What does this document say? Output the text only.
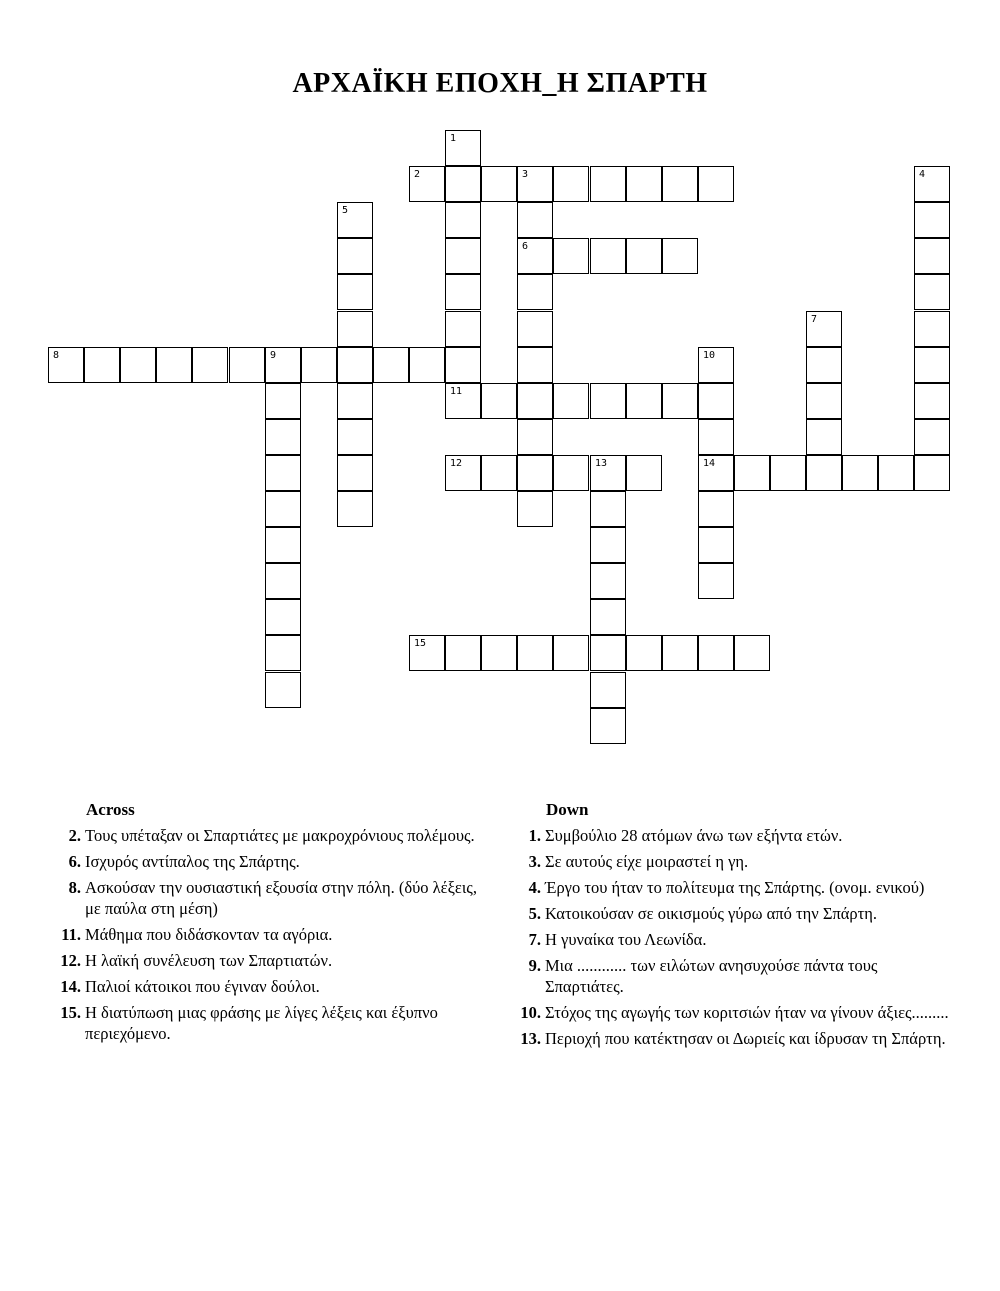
ΑΡΧΑΪΚΗ ΕΠΟΧΗ_Η ΣΠΑΡΤΗ
1
2	3
6
4
5
7
8	9	10
14
11
12	13
15
Across
2. Τους υπέταξαν οι Σπαρτιάτες με μακροχρόνιους πολέμους.
6. Ισχυρός αντίπαλος της Σπάρτης.
8. Ασκούσαν την ουσιαστική εξουσία στην πόλη. (δύο λέξεις, με παύλα στη μέση)
11. Μάθημα που διδάσκονταν τα αγόρια.
12. Η λαϊκή συνέλευση των Σπαρτιατών.
14. Παλιοί κάτοικοι που έγιναν δούλοι.
15. Η διατύπωση μιας φράσης με λίγες λέξεις και έξυπνο περιεχόμενο.
Down
1. Συμβούλιο 28 ατόμων άνω των εξήντα ετών.
3. Σε αυτούς είχε μοιραστεί η γη.
4. Έργο του ήταν το πολίτευμα της Σπάρτης. (ονομ. ενικού)
5. Κατοικούσαν σε οικισμούς γύρω από την Σπάρτη.
7. Η γυναίκα του Λεωνίδα.
9. Μια ............ των ειλώτων ανησυχούσε πάντα τους Σπαρτιάτες.
10. Στόχος της αγωγής των κοριτσιών ήταν να γίνουν άξιες.........
13. Περιοχή που κατέκτησαν οι Δωριείς και ίδρυσαν τη Σπάρτη.
